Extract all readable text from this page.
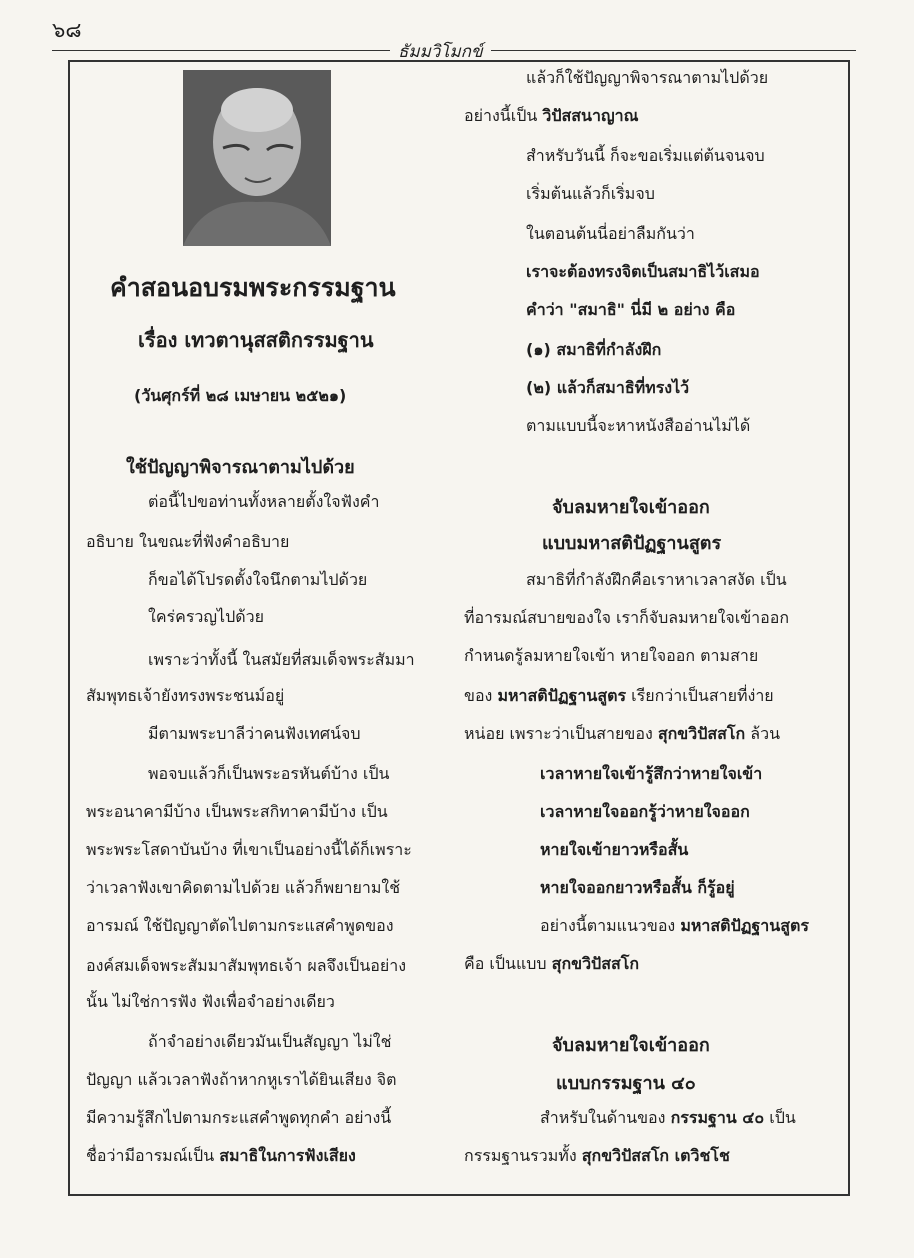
๖๘
ธัมมวิโมกข์
คำสอนอบรมพระกรรมฐาน
เรื่อง เทวตานุสสติกรรมฐาน
(วันศุกร์ที่ ๒๘ เมษายน ๒๕๒๑)
ใช้ปัญญาพิจารณาตามไปด้วย
ต่อนี้ไปขอท่านทั้งหลายตั้งใจฟังคำ
อธิบาย ในขณะที่ฟังคำอธิบาย
ก็ขอได้โปรดตั้งใจนึกตามไปด้วย
ใคร่ครวญไปด้วย
เพราะว่าทั้งนี้ ในสมัยที่สมเด็จพระสัมมา
สัมพุทธเจ้ายังทรงพระชนม์อยู่
มีตามพระบาลีว่าคนฟังเทศน์จบ
พอจบแล้วก็เป็นพระอรหันต์บ้าง เป็น
พระอนาคามีบ้าง เป็นพระสกิทาคามีบ้าง เป็น
พระพระโสดาบันบ้าง ที่เขาเป็นอย่างนี้ได้ก็เพราะ
ว่าเวลาฟังเขาคิดตามไปด้วย แล้วก็พยายามใช้
อารมณ์ ใช้ปัญญาตัดไปตามกระแสคำพูดของ
องค์สมเด็จพระสัมมาสัมพุทธเจ้า ผลจึงเป็นอย่าง
นั้น ไม่ใช่การฟัง ฟังเพื่อจำอย่างเดียว
ถ้าจำอย่างเดียวมันเป็นสัญญา ไม่ใช่
ปัญญา แล้วเวลาฟังถ้าหากหูเราได้ยินเสียง จิต
มีความรู้สึกไปตามกระแสคำพูดทุกคำ อย่างนี้
ชื่อว่ามีอารมณ์เป็น สมาธิในการฟังเสียง
แล้วก็ใช้ปัญญาพิจารณาตามไปด้วย
อย่างนี้เป็น วิปัสสนาญาณ
สำหรับวันนี้ ก็จะขอเริ่มแต่ต้นจนจบ
เริ่มต้นแล้วก็เริ่มจบ
ในตอนต้นนี่อย่าลืมกันว่า
เราจะต้องทรงจิตเป็นสมาธิไว้เสมอ
คำว่า "สมาธิ" นี่มี ๒ อย่าง คือ
(๑) สมาธิที่กำลังฝึก
(๒) แล้วก็สมาธิที่ทรงไว้
ตามแบบนี้จะหาหนังสืออ่านไม่ได้
จับลมหายใจเข้าออก
แบบมหาสติปัฏฐานสูตร
สมาธิที่กำลังฝึกคือเราหาเวลาสงัด เป็น
ที่อารมณ์สบายของใจ เราก็จับลมหายใจเข้าออก
กำหนดรู้ลมหายใจเข้า หายใจออก ตามสาย
ของ มหาสติปัฏฐานสูตร เรียกว่าเป็นสายที่ง่าย
หน่อย เพราะว่าเป็นสายของ สุกขวิปัสสโก ล้วน
เวลาหายใจเข้ารู้สึกว่าหายใจเข้า
เวลาหายใจออกรู้ว่าหายใจออก
หายใจเข้ายาวหรือสั้น
หายใจออกยาวหรือสั้น ก็รู้อยู่
อย่างนี้ตามแนวของ มหาสติปัฏฐานสูตร
คือ เป็นแบบ สุกขวิปัสสโก
จับลมหายใจเข้าออก
แบบกรรมฐาน ๔๐
สำหรับในด้านของ กรรมฐาน ๔๐ เป็น
กรรมฐานรวมทั้ง สุกขวิปัสสโก เตวิชโช
